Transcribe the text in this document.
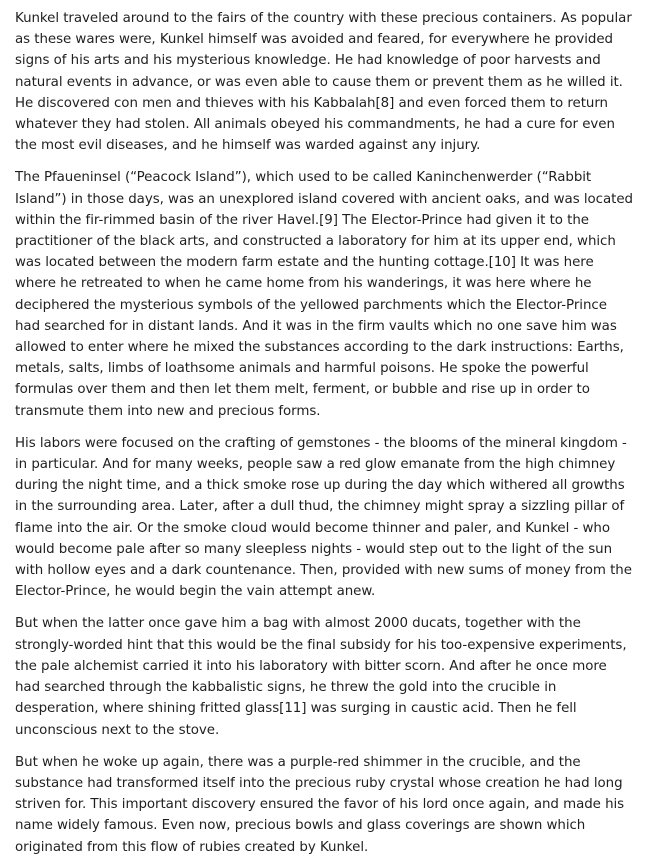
Kunkel traveled around to the fairs of the country with these precious containers. As popular as these wares were, Kunkel himself was avoided and feared, for everywhere he provided signs of his arts and his mysterious knowledge. He had knowledge of poor harvests and natural events in advance, or was even able to cause them or prevent them as he willed it. He discovered con men and thieves with his Kabbalah[8] and even forced them to return whatever they had stolen. All animals obeyed his commandments, he had a cure for even the most evil diseases, and he himself was warded against any injury.

The Pfaueninsel (“Peacock Island”), which used to be called Kaninchenwerder (“Rabbit Island”) in those days, was an unexplored island covered with ancient oaks, and was located within the fir-rimmed basin of the river Havel.[9] The Elector-Prince had given it to the practitioner of the black arts, and constructed a laboratory for him at its upper end, which was located between the modern farm estate and the hunting cottage.[10] It was here where he retreated to when he came home from his wanderings, it was here where he deciphered the mysterious symbols of the yellowed parchments which the Elector-Prince had searched for in distant lands. And it was in the firm vaults which no one save him was allowed to enter where he mixed the substances according to the dark instructions: Earths, metals, salts, limbs of loathsome animals and harmful poisons. He spoke the powerful formulas over them and then let them melt, ferment, or bubble and rise up in order to transmute them into new and precious forms.

His labors were focused on the crafting of gemstones - the blooms of the mineral kingdom - in particular. And for many weeks, people saw a red glow emanate from the high chimney during the night time, and a thick smoke rose up during the day which withered all growths in the surrounding area. Later, after a dull thud, the chimney might spray a sizzling pillar of flame into the air. Or the smoke cloud would become thinner and paler, and Kunkel - who would become pale after so many sleepless nights - would step out to the light of the sun with hollow eyes and a dark countenance. Then, provided with new sums of money from the Elector-Prince, he would begin the vain attempt anew.

But when the latter once gave him a bag with almost 2000 ducats, together with the strongly-worded hint that this would be the final subsidy for his too-expensive experiments, the pale alchemist carried it into his laboratory with bitter scorn. And after he once more had searched through the kabbalistic signs, he threw the gold into the crucible in desperation, where shining fritted glass[11] was surging in caustic acid. Then he fell unconscious next to the stove.

But when he woke up again, there was a purple-red shimmer in the crucible, and the substance had transformed itself into the precious ruby crystal whose creation he had long striven for. This important discovery ensured the favor of his lord once again, and made his name widely famous. Even now, precious bowls and glass coverings are shown which originated from this flow of rubies created by Kunkel.
